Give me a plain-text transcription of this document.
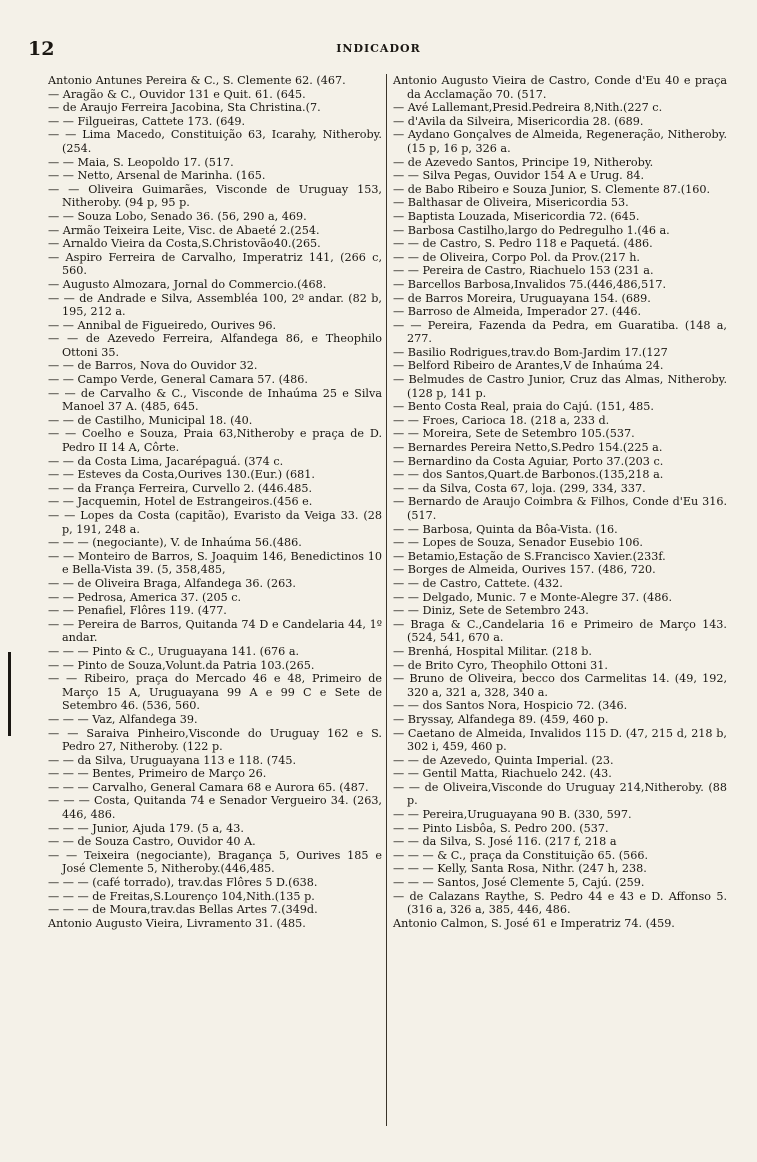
12	INDICADOR
Antonio Antunes Pereira & C., S. Clemente 62. (467.
— Aragão & C., Ouvidor 131 e Quit. 61. (645.
— de Araujo Ferreira Jacobina, Sta Christina.(7.
— — Filgueiras, Cattete 173. (649.
— — Lima Macedo, Constituição 63, Icarahy, Nitheroby. (254.
— — Maia, S. Leopoldo 17. (517.
— — Netto, Arsenal de Marinha. (165.
— — Oliveira Guimarães, Visconde de Uruguay 153, Nitheroby. (94 p, 95 p.
— — Souza Lobo, Senado 36. (56, 290 a, 469.
— Armão Teixeira Leite, Visc. de Abaeté 2.(254.
— Arnaldo Vieira da Costa,S.Christovão40.(265.
— Aspiro Ferreira de Carvalho, Imperatriz 141, (266 c, 560.
— Augusto Almozara, Jornal do Commercio.(468.
— — de Andrade e Silva, Assembléa 100, 2º andar. (82 b, 195, 212 a.
— — Annibal de Figueiredo, Ourives 96.
— — de Azevedo Ferreira, Alfandega 86, e Theophilo Ottoni 35.
— — de Barros, Nova do Ouvidor 32.
— — Campo Verde, General Camara 57. (486.
— — de Carvalho & C., Visconde de Inhaúma 25 e Silva Manoel 37 A. (485, 645.
— — de Castilho, Municipal 18. (40.
— — Coelho e Souza, Praia 63,Nitheroby e praça de D. Pedro II 14 A, Côrte.
— — da Costa Lima, Jacarépaguá. (374 c.
— — Esteves da Costa,Ourives 130.(Eur.) (681.
— — da França Ferreira, Curvello 2. (446.485.
— — Jacquemin, Hotel de Estrangeiros.(456 e.
— — Lopes da Costa (capitão), Evaristo da Veiga 33. (28 p, 191, 248 a.
— — — (negociante), V. de Inhaúma 56.(486.
— — Monteiro de Barros, S. Joaquim 146, Benedictinos 10 e Bella-Vista 39. (5, 358,485,
— — de Oliveira Braga, Alfandega 36. (263.
— — Pedrosa, America 37. (205 c.
— — Penafiel, Flôres 119. (477.
— — Pereira de Barros, Quitanda 74 D e Candelaria 44, 1º andar.
— — — Pinto & C., Uruguayana 141. (676 a.
— — Pinto de Souza,Volunt.da Patria 103.(265.
— — Ribeiro, praça do Mercado 46 e 48, Primeiro de Março 15 A, Uruguayana 99 A e 99 C e Sete de Setembro 46. (536, 560.
— — — Vaz, Alfandega 39.
— — Saraiva Pinheiro,Visconde do Uruguay 162 e S. Pedro 27, Nitheroby. (122 p.
— — da Silva, Uruguayana 113 e 118. (745.
— — — Bentes, Primeiro de Março 26.
— — — Carvalho, General Camara 68 e Aurora 65. (487.
— — — Costa, Quitanda 74 e Senador Vergueiro 34. (263, 446, 486.
— — — Junior, Ajuda 179. (5 a, 43.
— — de Souza Castro, Ouvidor 40 A.
— — Teixeira (negociante), Bragança 5, Ourives 185 e José Clemente 5, Nitheroby.(446,485.
— — — (café torrado), trav.das Flôres 5 D.(638.
— — — de Freitas,S.Lourenço 104,Nith.(135 p.
— — — de Moura,trav.das Bellas Artes 7.(349d.
Antonio Augusto Vieira, Livramento 31. (485.
Antonio Augusto Vieira de Castro, Conde d'Eu 40 e praça da Acclamação 70. (517.
— Avé Lallemant,Presid.Pedreira 8,Nith.(227 c.
— d'Avila da Silveira, Misericordia 28. (689.
— Aydano Gonçalves de Almeida, Regeneração, Nitheroby. (15 p, 16 p, 326 a.
— de Azevedo Santos, Principe 19, Nitheroby.
— — Silva Pegas, Ouvidor 154 A e Urug. 84.
— de Babo Ribeiro e Souza Junior, S. Clemente 87.(160.
— Balthasar de Oliveira, Misericordia 53.
— Baptista Louzada, Misericordia 72. (645.
— Barbosa Castilho,largo do Pedregulho 1.(46 a.
— — de Castro, S. Pedro 118 e Paquetá. (486.
— — de Oliveira, Corpo Pol. da Prov.(217 h.
— — Pereira de Castro, Riachuelo 153 (231 a.
— Barcellos Barbosa,Invalidos 75.(446,486,517.
— de Barros Moreira, Uruguayana 154. (689.
— Barroso de Almeida, Imperador 27. (446.
— — Pereira, Fazenda da Pedra, em Guaratiba. (148 a, 277.
— Basilio Rodrigues,trav.do Bom-Jardim 17.(127
— Belford Ribeiro de Arantes,V de Inhaúma 24.
— Belmudes de Castro Junior, Cruz das Almas, Nitheroby. (128 p, 141 p.
— Bento Costa Real, praia do Cajú. (151, 485.
— — Froes, Carioca 18. (218 a, 233 d.
— — Moreira, Sete de Setembro 105.(537.
— Bernardes Pereira Netto,S.Pedro 154.(225 a.
— Bernardino da Costa Aguiar, Porto 37.(203 c.
— — dos Santos,Quart.de Barbonos.(135,218 a.
— — da Silva, Costa 67, loja. (299, 334, 337.
— Bernardo de Araujo Coimbra & Filhos, Conde d'Eu 316. (517.
— — Barbosa, Quinta da Bôa-Vista. (16.
— — Lopes de Souza, Senador Eusebio 106.
— Betamio,Estação de S.Francisco Xavier.(233f.
— Borges de Almeida, Ourives 157. (486, 720.
— — de Castro, Cattete. (432.
— — Delgado, Munic. 7 e Monte-Alegre 37. (486.
— — Diniz, Sete de Setembro 243.
— Braga & C.,Candelaria 16 e Primeiro de Março 143. (524, 541, 670 a.
— Brenhá, Hospital Militar. (218 b.
— de Brito Cyro, Theophilo Ottoni 31.
— Bruno de Oliveira, becco dos Carmelitas 14. (49, 192, 320 a, 321 a, 328, 340 a.
— — dos Santos Nora, Hospicio 72. (346.
— Bryssay, Alfandega 89. (459, 460 p.
— Caetano de Almeida, Invalidos 115 D. (47, 215 d, 218 b, 302 i, 459, 460 p.
— — de Azevedo, Quinta Imperial. (23.
— — Gentil Matta, Riachuelo 242. (43.
— — de Oliveira,Visconde do Uruguay 214,Nitheroby. (88 p.
— — Pereira,Uruguayana 90 B. (330, 597.
— — Pinto Lisbôa, S. Pedro 200. (537.
— — da Silva, S. José 116. (217 f, 218 a
— — — & C., praça da Constituição 65. (566.
— — — Kelly, Santa Rosa, Nithr. (247 h, 238.
— — — Santos, José Clemente 5, Cajú. (259.
— de Calazans Raythe, S. Pedro 44 e 43 e D. Affonso 5. (316 a, 326 a, 385, 446, 486.
Antonio Calmon, S. José 61 e Imperatriz 74. (459.
